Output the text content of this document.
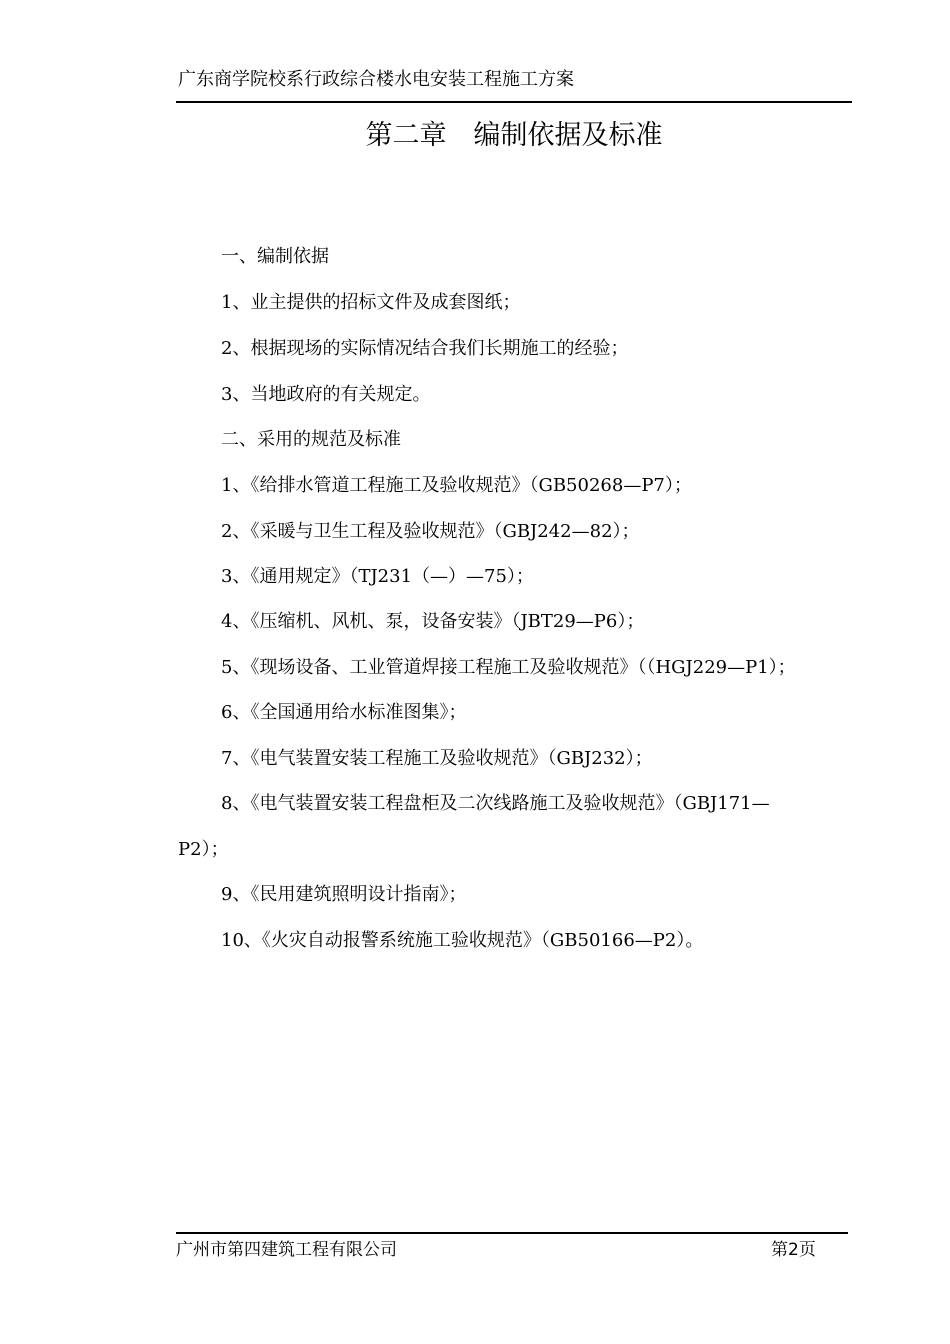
广东商学院校系行政综合楼水电安装工程施工方案
第二章　编制依据及标准
一、编制依据
1、业主提供的招标文件及成套图纸；
2、根据现场的实际情况结合我们长期施工的经验；
3、当地政府的有关规定。
二、采用的规范及标准
1、《给排水管道工程施工及验收规范》（GB50268—P7）；
2、《采暖与卫生工程及验收规范》（GBJ242—82）；
3、《通用规定》（TJ231（—）—75）；
4、《压缩机、风机、泵，设备安装》（JBT29—P6）；
5、《现场设备、工业管道焊接工程施工及验收规范》（（HGJ229—P1）；
6、《全国通用给水标准图集》；
7、《电气装置安装工程施工及验收规范》（GBJ232）；
8、《电气装置安装工程盘柜及二次线路施工及验收规范》（GBJ171—
P2）；
9、《民用建筑照明设计指南》；
10、《火灾自动报警系统施工验收规范》（GB50166—P2）。
广州市第四建筑工程有限公司	第2页
